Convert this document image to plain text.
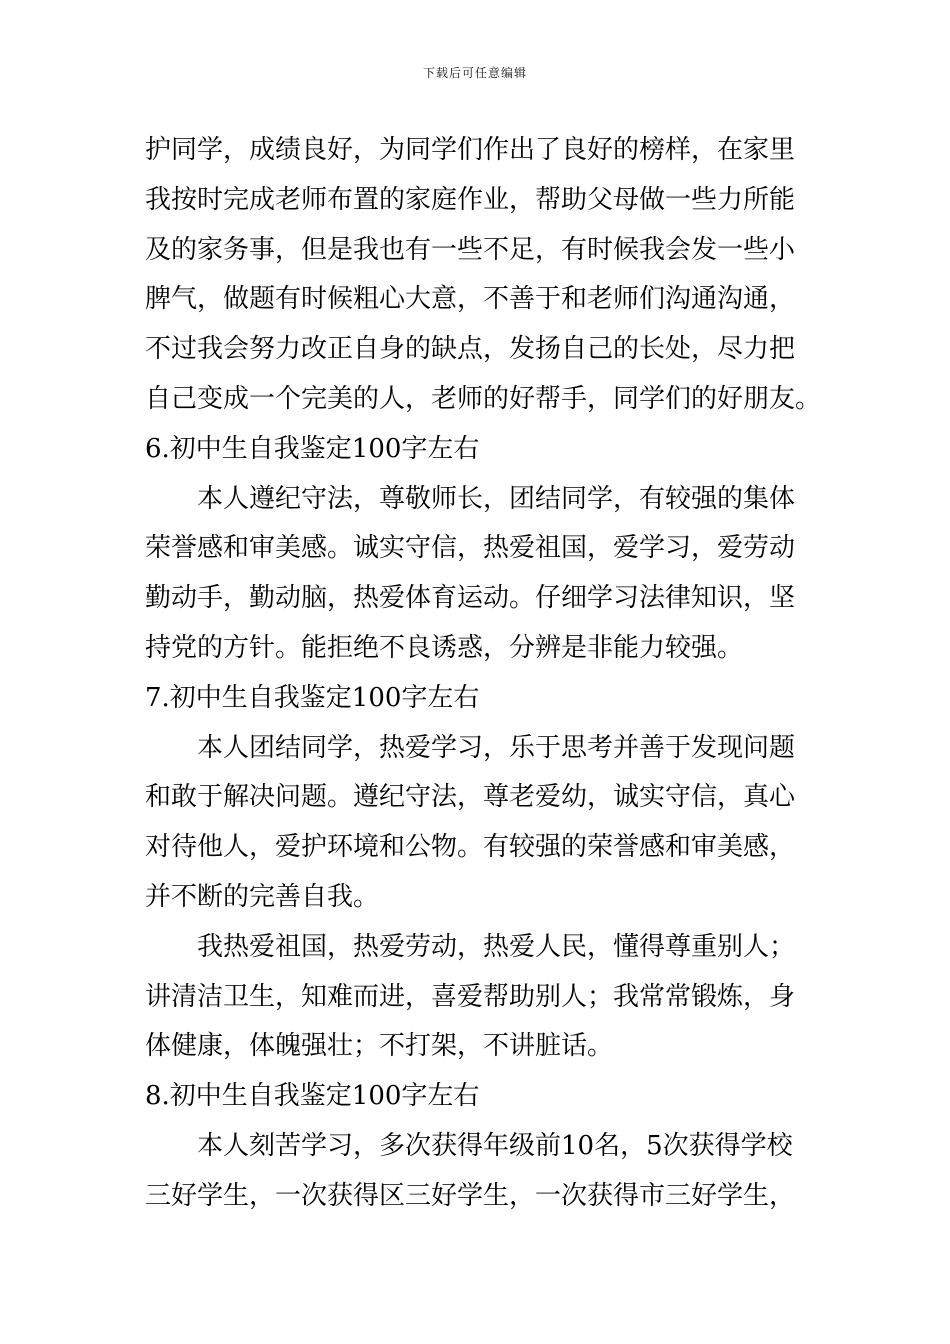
下载后可任意编辑
护同学，成绩良好，为同学们作出了良好的榜样，在家里
我按时完成老师布置的家庭作业，帮助父母做一些力所能
及的家务事，但是我也有一些不足，有时候我会发一些小
脾气，做题有时候粗心大意，不善于和老师们沟通沟通，
不过我会努力改正自身的缺点，发扬自己的长处，尽力把
自己变成一个完美的人，老师的好帮手，同学们的好朋友。
6.初中生自我鉴定100字左右
本人遵纪守法，尊敬师长，团结同学，有较强的集体
荣誉感和审美感。诚实守信，热爱祖国，爱学习，爱劳动
勤动手，勤动脑，热爱体育运动。仔细学习法律知识，坚
持党的方针。能拒绝不良诱惑，分辨是非能力较强。
7.初中生自我鉴定100字左右
本人团结同学，热爱学习，乐于思考并善于发现问题
和敢于解决问题。遵纪守法，尊老爱幼，诚实守信，真心
对待他人，爱护环境和公物。有较强的荣誉感和审美感，
并不断的完善自我。
我热爱祖国，热爱劳动，热爱人民，懂得尊重别人；
讲清洁卫生，知难而进，喜爱帮助别人；我常常锻炼，身
体健康，体魄强壮；不打架，不讲脏话。
8.初中生自我鉴定100字左右
本人刻苦学习，多次获得年级前10名，5次获得学校
三好学生，一次获得区三好学生，一次获得市三好学生，
